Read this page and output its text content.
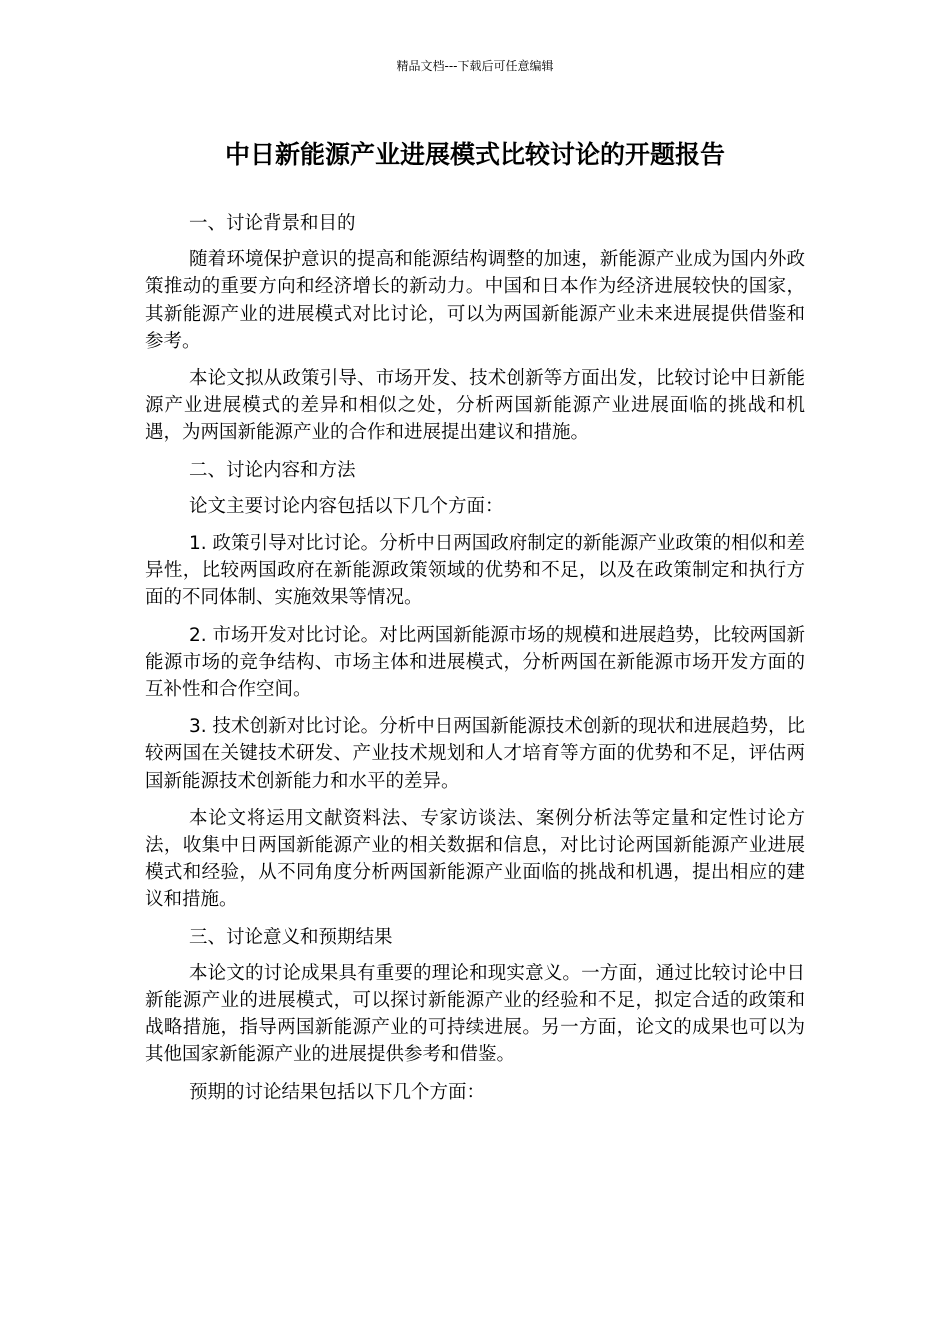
精品文档---下载后可任意编辑
中日新能源产业进展模式比较讨论的开题报告

一、讨论背景和目的

随着环境保护意识的提高和能源结构调整的加速，新能源产业成为国内外政策推动的重要方向和经济增长的新动力。中国和日本作为经济进展较快的国家，其新能源产业的进展模式对比讨论，可以为两国新能源产业未来进展提供借鉴和参考。

本论文拟从政策引导、市场开发、技术创新等方面出发，比较讨论中日新能源产业进展模式的差异和相似之处，分析两国新能源产业进展面临的挑战和机遇，为两国新能源产业的合作和进展提出建议和措施。

二、讨论内容和方法

论文主要讨论内容包括以下几个方面：

1. 政策引导对比讨论。分析中日两国政府制定的新能源产业政策的相似和差异性，比较两国政府在新能源政策领域的优势和不足，以及在政策制定和执行方面的不同体制、实施效果等情况。

2. 市场开发对比讨论。对比两国新能源市场的规模和进展趋势，比较两国新能源市场的竞争结构、市场主体和进展模式，分析两国在新能源市场开发方面的互补性和合作空间。

3. 技术创新对比讨论。分析中日两国新能源技术创新的现状和进展趋势，比较两国在关键技术研发、产业技术规划和人才培育等方面的优势和不足，评估两国新能源技术创新能力和水平的差异。

本论文将运用文献资料法、专家访谈法、案例分析法等定量和定性讨论方法，收集中日两国新能源产业的相关数据和信息，对比讨论两国新能源产业进展模式和经验，从不同角度分析两国新能源产业面临的挑战和机遇，提出相应的建议和措施。

三、讨论意义和预期结果

本论文的讨论成果具有重要的理论和现实意义。一方面，通过比较讨论中日新能源产业的进展模式，可以探讨新能源产业的经验和不足，拟定合适的政策和战略措施，指导两国新能源产业的可持续进展。另一方面，论文的成果也可以为其他国家新能源产业的进展提供参考和借鉴。

预期的讨论结果包括以下几个方面：
